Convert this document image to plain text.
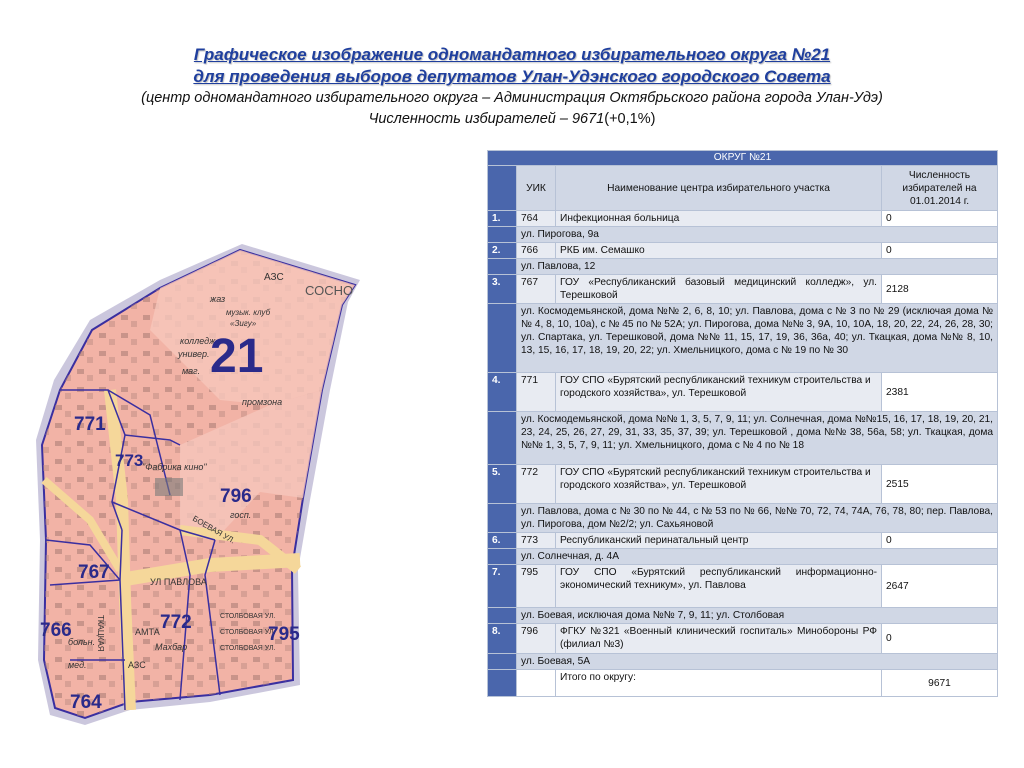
Графическое изображение одномандатного избирательного округа №21
для проведения выборов депутатов Улан-Удэнского городского Совета
(центр одномандатного избирательного округа – Администрация Октябрьского района города Улан-Удэ)
Численность избирателей – 9671(+0,1%)
АЗС
СОСНО
жаз
музык. клуб
«Зигу»
колледж
универ.
маг. 21
промзона
"Фабрика кино"
УЛ ПАВЛОВА
БОЕВАЯ УЛ.
ТКАЦКАЯ	СТОЛБОВАЯ УЛ.
СТОЛБОВАЯ УЛ.
СТОЛБОВАЯ УЛ.
АМТА
Махбар
АЗС
больн.
мед.
госп.
771
773
796
767
766	772
795
764
ОКРУГ №21			
	УИК	Наименование центра избирательного участка	Численность избирателей на 01.01.2014 г.
1.	764	Инфекционная больница	0
	ул. Пирогова, 9а		
2.	766	РКБ им. Семашко	0
	ул. Павлова, 12		
3.	767	ГОУ «Республиканский базовый медицинский колледж», ул. Терешковой	2128
	ул. Космодемьянской, дома №№ 2, 6, 8, 10; ул. Павлова, дома с № 3 по № 29 (исключая дома № № 4, 8, 10, 10а), с № 45 по № 52А; ул. Пирогова, дома №№ 3, 9А, 10, 10А, 18, 20, 22, 24, 26, 28, 30; ул. Спартака, ул. Терешковой, дома №№ 11, 15, 17, 19, 36, 36а, 40; ул. Ткацкая, дома №№ 8, 10, 13, 15, 16, 17, 18, 19, 20, 22; ул. Хмельницкого, дома с № 19 по № 30		
4.	771	ГОУ СПО «Бурятский республиканский техникум строительства и городского хозяйства», ул. Терешковой	2381
	ул. Космодемьянской, дома №№ 1, 3, 5, 7, 9, 11; ул. Солнечная, дома №№15, 16, 17, 18, 19, 20, 21, 23, 24, 25, 26, 27, 29, 31, 33, 35, 37, 39; ул. Терешковой , дома №№ 38, 56а, 58; ул. Ткацкая, дома №№ 1, 3, 5, 7, 9, 11; ул. Хмельницкого, дома с № 4 по № 18		
5.	772	ГОУ СПО «Бурятский республиканский техникум строительства и городского хозяйства», ул. Терешковой	2515
	ул. Павлова, дома с № 30 по № 44, с № 53 по № 66, №№ 70, 72, 74, 74А, 76, 78, 80; пер. Павлова, ул. Пирогова, дом №2/2; ул. Сахьяновой		
6.	773	Республиканский перинатальный центр	0
	ул. Солнечная, д. 4А		
7.	795	ГОУ СПО «Бурятский республиканский информационно-экономический техникум», ул. Павлова	2647
	ул. Боевая, исключая дома №№ 7, 9, 11; ул. Столбовая		
8.	796	ФГКУ №321 «Военный клинический госпиталь» Минобороны РФ (филиал №3)	0
	ул. Боевая, 5А		
		Итого по округу:	9671
